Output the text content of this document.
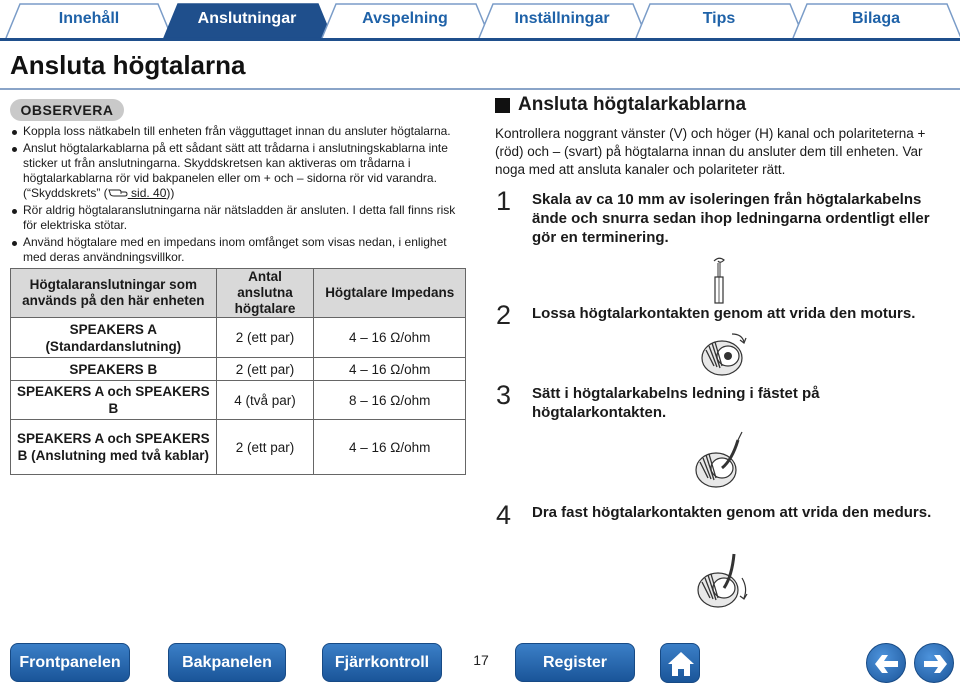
Innehåll	Anslutningar	Avspelning	Inställningar	Tips	Bilaga
Ansluta högtalarna
OBSERVERA
Koppla loss nätkabeln till enheten från vägguttaget innan du ansluter högtalarna.
Anslut högtalarkablarna på ett sådant sätt att trådarna i anslutningskablarna inte sticker ut från anslutningarna. Skyddskretsen kan aktiveras om trådarna i högtalarkablarna rör vid bakpanelen eller om + och – sidorna rör vid varandra.
(“Skyddskrets” ( sid. 40))
Rör aldrig högtalaranslutningarna när nätsladden är ansluten. I detta fall finns risk för elektriska stötar.
Använd högtalare med en impedans inom omfånget som visas nedan, i enlighet med deras användningsvillkor.
Högtalaranslutningar som används på den här enheten	Antal anslutna högtalare	Högtalare Impedans
SPEAKERS A (Standardanslutning)	2 (ett par)	4 – 16 Ω/ohm
SPEAKERS B	2 (ett par)	4 – 16 Ω/ohm
SPEAKERS A och SPEAKERS B	4 (två par)	8 – 16 Ω/ohm
SPEAKERS A och SPEAKERS B (Anslutning med två kablar)	2 (ett par)	4 – 16 Ω/ohm
Ansluta högtalarkablarna

Kontrollera noggrant vänster (V) och höger (H) kanal och polariteterna + (röd) och – (svart) på högtalarna innan du ansluter dem till enheten. Var noga med att ansluta kanaler och polariteter rätt.

1 Skala av ca 10 mm av isoleringen från högtalarkabelns ände och snurra sedan ihop ledningarna ordentligt eller gör en terminering.
2 Lossa högtalarkontakten genom att vrida den moturs.
3 Sätt i högtalarkabelns ledning i fästet på högtalarkontakten.
4 Dra fast högtalarkontakten genom att vrida den medurs.
Frontpanelen	Bakpanelen	Fjärrkontroll	17	Register
